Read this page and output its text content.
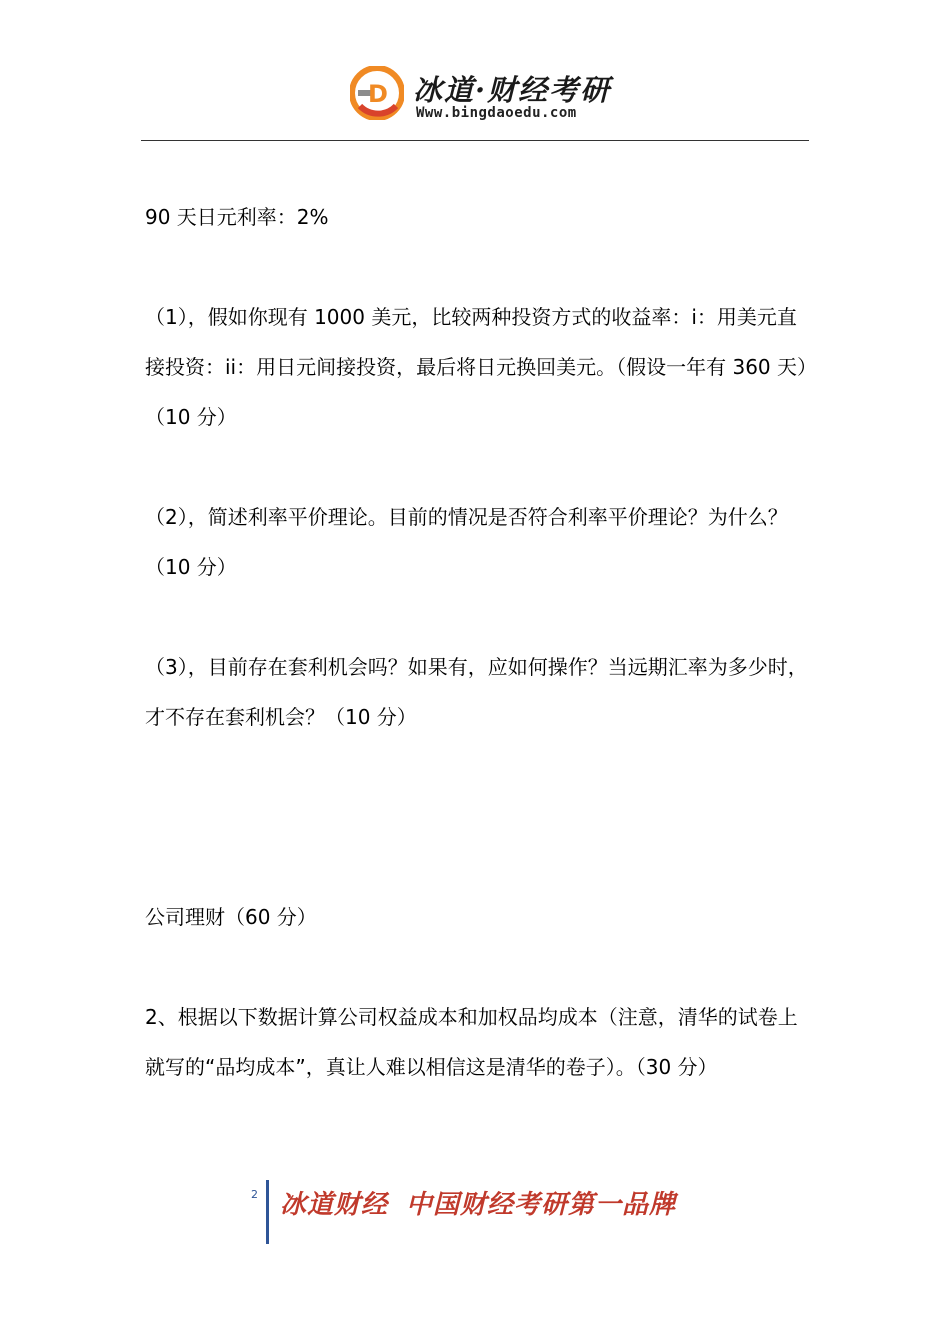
D 冰道·财经考研
Www.bingdaoedu.com

90 天日元利率：2%

（1），假如你现有 1000 美元，比较两种投资方式的收益率：i：用美元直接投资：ii：用日元间接投资，最后将日元换回美元。（假设一年有 360 天）（10 分）

（2），简述利率平价理论。目前的情况是否符合利率平价理论？为什么？（10 分）

（3），目前存在套利机会吗？如果有，应如何操作？当远期汇率为多少时，才不存在套利机会？（10 分）

公司理财（60 分）

2、根据以下数据计算公司权益成本和加权品均成本（注意，清华的试卷上就写的“品均成本”，真让人难以相信这是清华的卷子）。（30 分）

2 冰道财经 中国财经考研第一品牌
